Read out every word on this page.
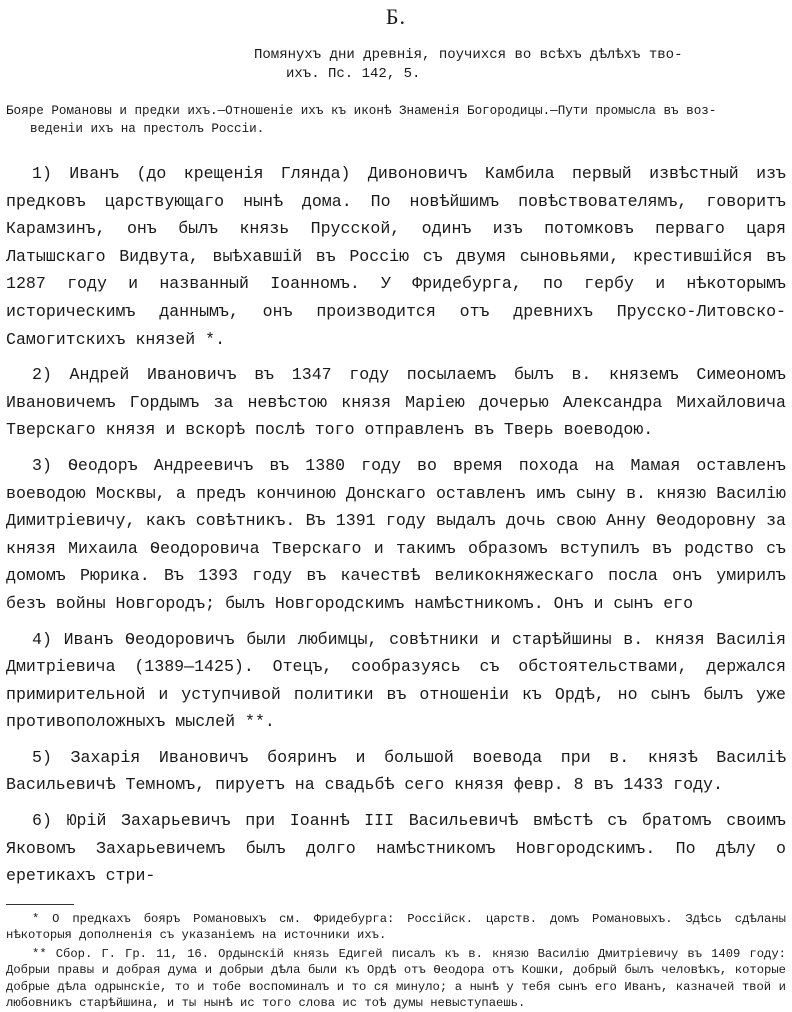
Б.
Помянухъ дни древнія, поучихся во всѣхъ дѣлѣхъ тво-
ихъ. Пс. 142, 5.
Бояре Романовы и предки ихъ.—Отношеніе ихъ къ иконѣ Знаменія Богородицы.—Пути промысла въ воз-
веденіи ихъ на престолъ Россіи.

1) Иванъ (до крещенія Гляндa) Дивоновичъ Камбила первый извѣстный изъ предковъ царствующаго нынѣ дома. По новѣйшимъ повѣствователямъ, говоритъ Карамзинъ, онъ былъ князь Прусской, одинъ изъ потомковъ перваго царя Латышскаго Видвута, выѣхавшій въ Россію съ двумя сыновьями, крестившійся въ 1287 году и названный Іоанномъ. У Фридебурга, по гербу и нѣкоторымъ историческимъ даннымъ, онъ производится отъ древнихъ Прусско-Литовско-Самогитскихъ князей *.

2) Андрей Ивановичъ въ 1347 году посылаемъ былъ в. княземъ Симеономъ Ивановичемъ Гордымъ за невѣстою князя Маріею дочерью Александра Михайловича Тверскаго князя и вскорѣ послѣ того отправленъ въ Тверь воеводою.

3) Ѳеодоръ Андреевичъ въ 1380 году во время похода на Мамая оставленъ воеводою Москвы, а предъ кончиною Донскаго оставленъ имъ сыну в. князю Василію Димитріевичу, какъ совѣтникъ. Въ 1391 году выдалъ дочь свою Анну Ѳеодоровну за князя Михаила Ѳеодоровича Тверскаго и такимъ образомъ вступилъ въ родство съ домомъ Рюрика. Въ 1393 году въ качествѣ великокняжескаго посла онъ умирилъ безъ войны Новгородъ; былъ Новгородскимъ намѣстникомъ. Онъ и сынъ его

4) Иванъ Ѳеодоровичъ были любимцы, совѣтники и старѣйшины в. князя Василія Дмитріевича (1389—1425). Отецъ, сообразуясь съ обстоятельствами, держался примирительной и уступчивой политики въ отношеніи къ Ордѣ, но сынъ былъ уже противоположныхъ мыслей **.

5) Захарія Ивановичъ бояринъ и большой воевода при в. князѣ Василіѣ Васильевичѣ Темномъ, пируетъ на свадьбѣ сего князя февр. 8 въ 1433 году.

6) Юрій Захарьевичъ при Іоаннѣ III Васильевичѣ вмѣстѣ съ братомъ своимъ Яковомъ Захарьевичемъ былъ долго намѣстникомъ Новгородскимъ. По дѣлу о еретикахъ стри-

* О предкахъ бояръ Романовыхъ см. Фридебурга: Россійск. царств. домъ Романовыхъ. Здѣсь сдѣланы нѣкоторыя дополненія съ указаніемъ на источники ихъ.

** Сбор. Г. Гр. 11, 16. Ордынскій князь Едигей писалъ къ в. князю Василію Дмитріевичу въ 1409 году: Добрыи правы и добрая дума и добрыи дѣла были къ Ордѣ отъ Ѳеодора отъ Кошки, добрый былъ человѣкъ, которые добрые дѣла одрынскіе, то и тобе воспоминалъ и то ся минуло; а нынѣ у тебя сынъ его Иванъ, казначей твой и любовникъ старѣйшина, и ты нынѣ ис того слова ис тоѣ думы невыступаешь.
